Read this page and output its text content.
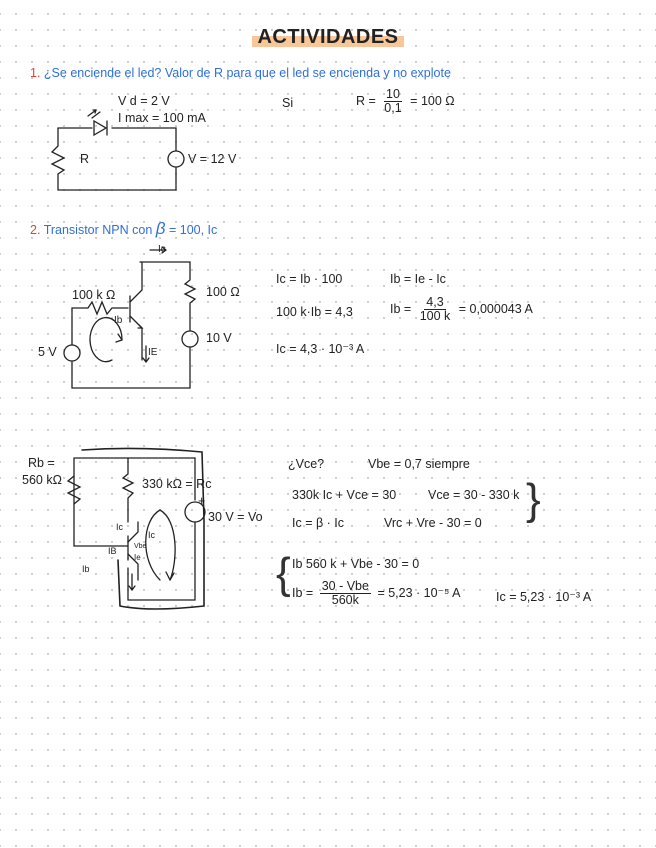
ACTIVIDADES
1. ¿Se enciende el led? Valor de R para que el led se encienda y no explote
V d = 2 V
I max = 100 mA
R	V = 12 V
Si	$R = \frac{10}{0,1} = 100$ Ω
2. Transistor NPN con β = 100, Ic
Ic
100 k Ω	100 Ω
Ib
IE
5 V
10 V
Ic = Ib · 100	Ib = Ie - Ic
100 k·Ib = 4,3	$Ib = \frac{4,3}{100 k} = 0,000043$ A
Ic = 4,3 · 10⁻³ A
Rb =
560 kΩ	330 kΩ = Rc
+
30 V = Vo
Ic
Ic
IB Vbe
Ie
Ib
¿Vce?	Vbe = 0,7 siempre
330k Ic + Vce = 30	Vce = 30 - 330 k
Ic = β · Ic	Vrc + Vre - 30 = 0 }
{ Ib 560 k + Vbe - 30 = 0
$Ib = \frac{\text{30 - Vbe}}{560k} = 5,23 \cdot 10^{-5}$ A	Ic = 5,23 · 10⁻³ A
